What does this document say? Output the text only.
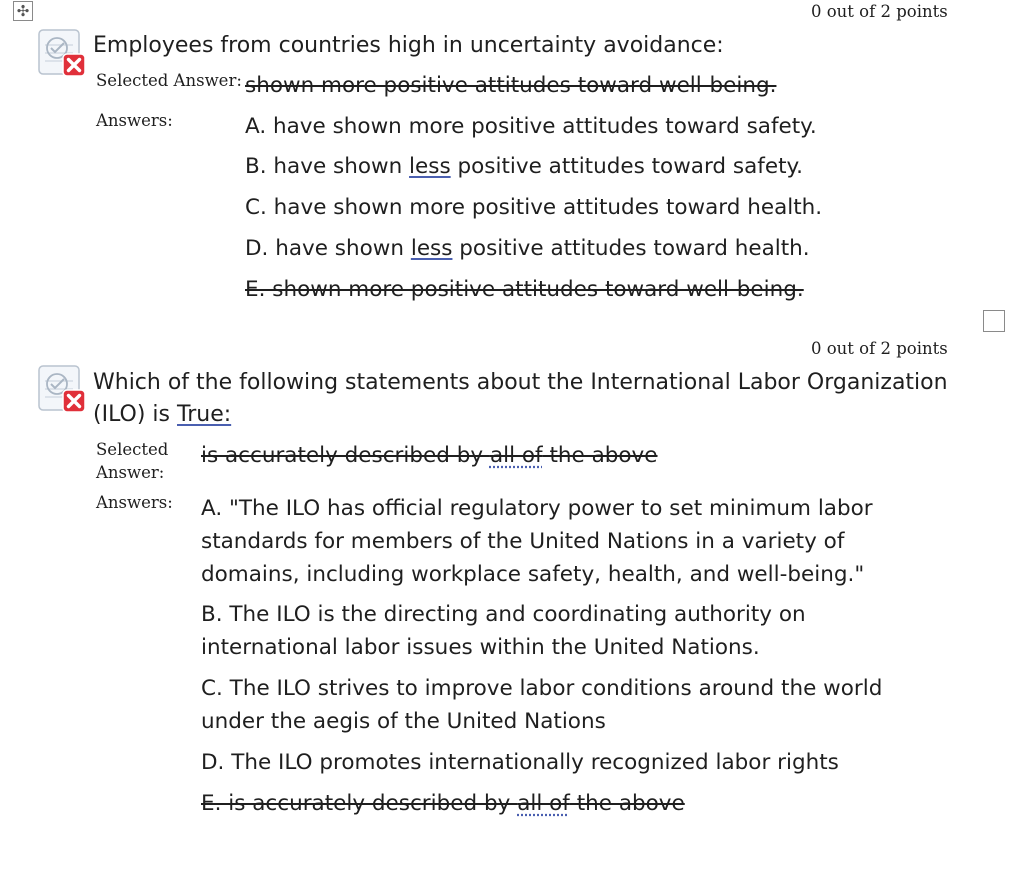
✣	0 out of 2 points
Employees from countries high in uncertainty avoidance:
Selected Answer: shown more positive attitudes toward well-being.
Answers:	A. have shown more positive attitudes toward safety.
B. have shown less positive attitudes toward safety.
C. have shown more positive attitudes toward health.
D. have shown less positive attitudes toward health.
E. shown more positive attitudes toward well-being.
0 out of 2 points
Which of the following statements about the International Labor Organization
(ILO) is True:
Selected
Answer:
is accurately described by all of the above
Answers: A. "The ILO has official regulatory power to set minimum labor
standards for members of the United Nations in a variety of
domains, including workplace safety, health, and well-being."
B. The ILO is the directing and coordinating authority on
international labor issues within the United Nations.
C. The ILO strives to improve labor conditions around the world
under the aegis of the United Nations
D. The ILO promotes internationally recognized labor rights
E. is accurately described by all of the above
